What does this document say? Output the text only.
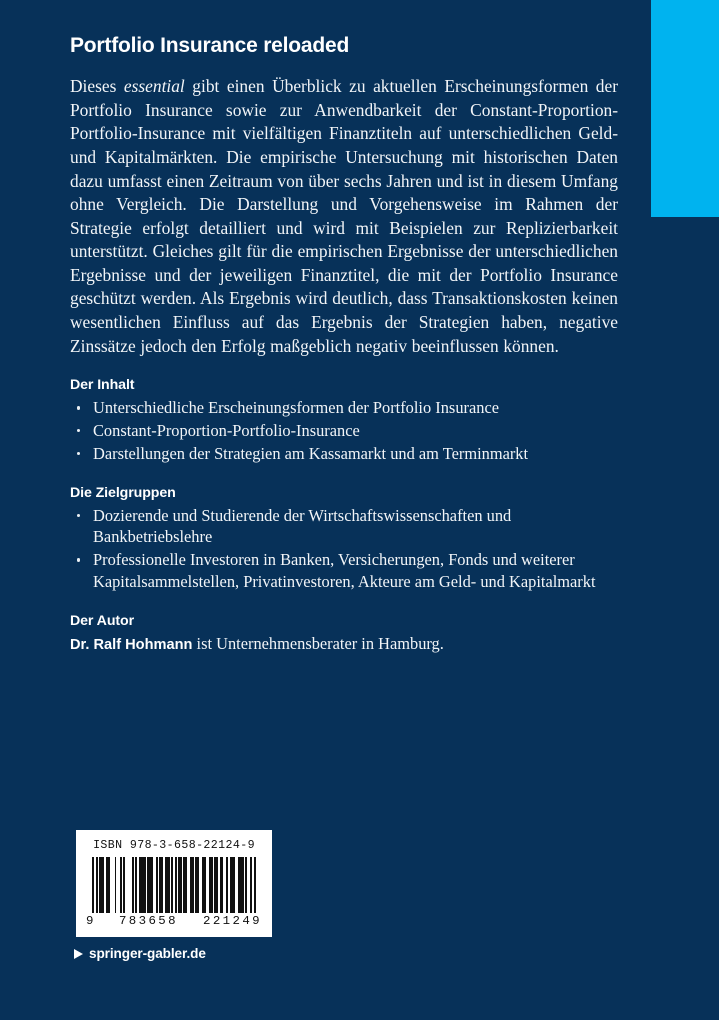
Portfolio Insurance reloaded

Dieses essential gibt einen Überblick zu aktuellen Erscheinungsformen der Portfolio Insurance sowie zur Anwendbarkeit der Constant-Proportion-Portfolio-Insurance mit vielfältigen Finanztiteln auf unterschiedlichen Geld- und Kapitalmärkten. Die empirische Untersuchung mit historischen Daten dazu umfasst einen Zeitraum von über sechs Jahren und ist in diesem Umfang ohne Vergleich. Die Darstellung und Vorgehensweise im Rahmen der Strategie erfolgt detailliert und wird mit Beispielen zur Replizierbarkeit unterstützt. Gleiches gilt für die empirischen Ergebnisse der unterschiedlichen Ergebnisse und der jeweiligen Finanztitel, die mit der Portfolio Insurance geschützt werden. Als Ergebnis wird deutlich, dass Transaktionskosten keinen wesentlichen Einfluss auf das Ergebnis der Strategien haben, negative Zinssätze jedoch den Erfolg maßgeblich negativ beeinflussen können.

Der Inhalt
Unterschiedliche Erscheinungsformen der Portfolio Insurance
Constant-Proportion-Portfolio-Insurance
Darstellungen der Strategien am Kassamarkt und am Terminmarkt
Die Zielgruppen
Dozierende und Studierende der Wirtschaftswissenschaften und Bankbetriebslehre
Professionelle Investoren in Banken, Versicherungen, Fonds und weiterer Kapitalsammelstellen, Privatinvestoren, Akteure am Geld- und Kapitalmarkt
Der Autor

Dr. Ralf Hohmann ist Unternehmensberater in Hamburg.

ISBN 978-3-658-22124-9
9 783658 221249
springer-gabler.de
